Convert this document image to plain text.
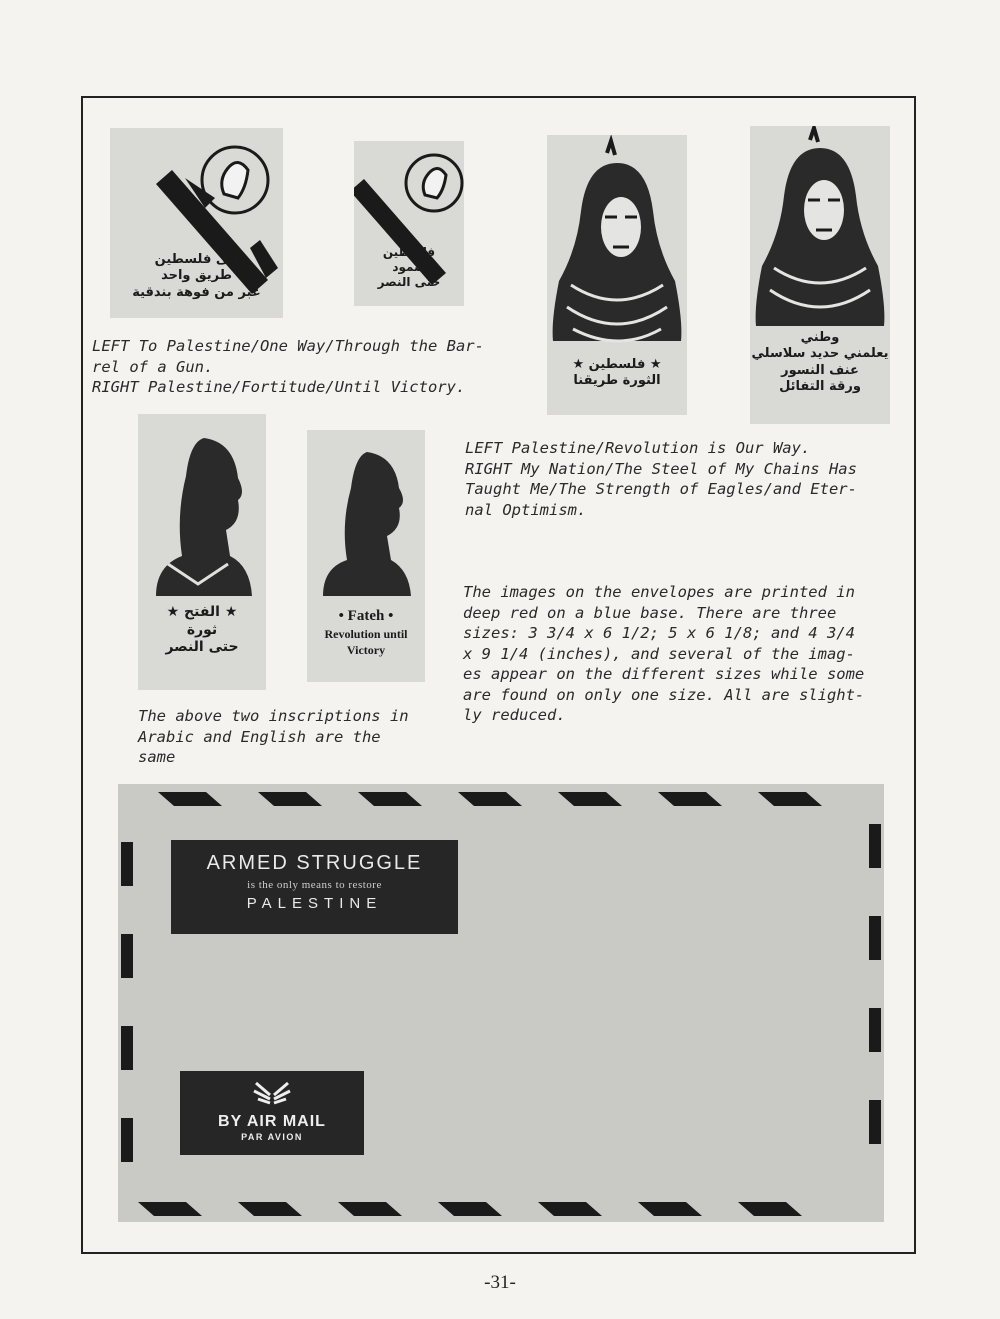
الى فلسطين
طريق واحد
عبر من فوهة بندقية
فلسطين
صمود
حتى النصر
★ فلسطين ★
الثورة طريقنا
وطني
يعلمني حديد سلاسلي
عنف النسور
ورقة التفائل

LEFT To Palestine/One Way/Through the Bar-
rel of a Gun.
RIGHT Palestine/Fortitude/Until Victory.

★ الفتح ★
ثورة
حتى النصر
• Fateh •
Revolution until
Victory

LEFT Palestine/Revolution is Our Way.
RIGHT My Nation/The Steel of My Chains Has
Taught Me/The Strength of Eagles/and Eter-
nal Optimism.

The images on the envelopes are printed in
deep red on a blue base. There are three
sizes: 3 3/4 x 6 1/2; 5 x 6 1/8; and 4 3/4
x 9 1/4 (inches), and several of the imag-
es appear on the different sizes while some
are found on only one size. All are slight-
ly reduced.

The above two inscriptions in
Arabic and English are the
same

ARMED STRUGGLE
is the only means to restore
PALESTINE
BY AIR MAIL
PAR AVION
-31-
